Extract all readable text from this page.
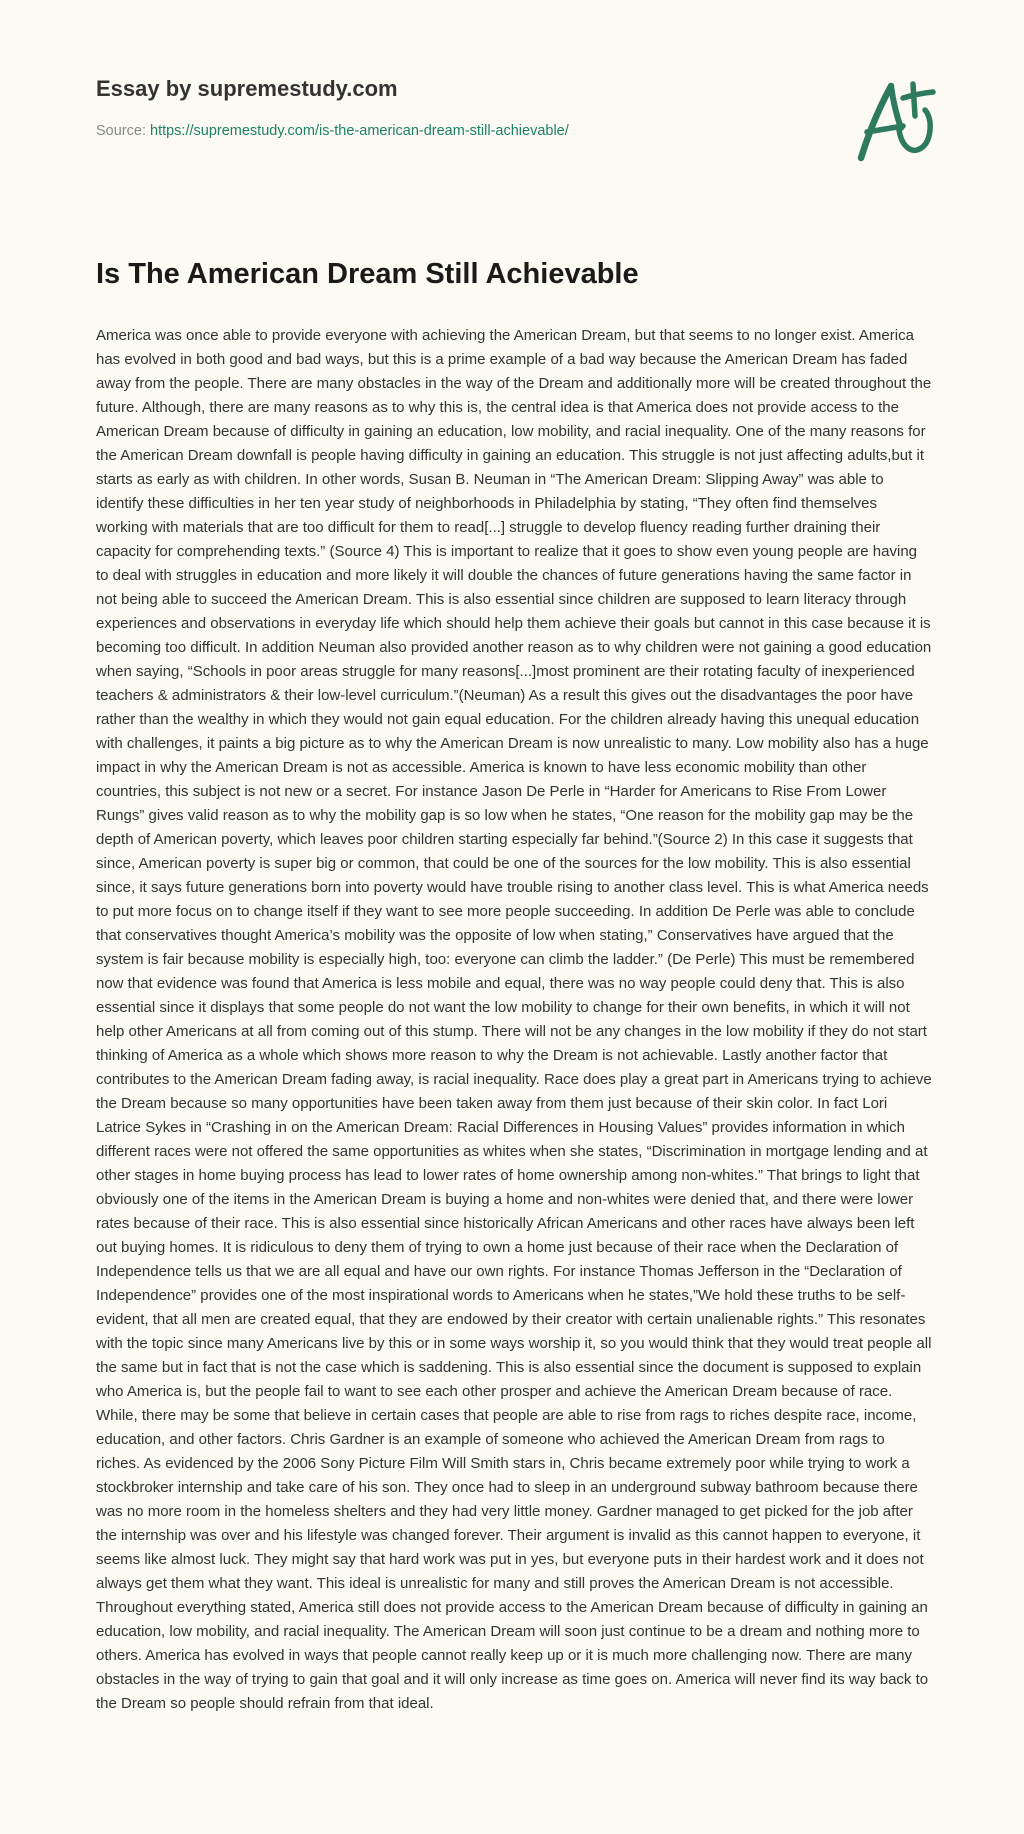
Essay by supremestudy.com
Source: https://supremestudy.com/is-the-american-dream-still-achievable/
Is The American Dream Still Achievable

America was once able to provide everyone with achieving the American Dream, but that seems to no longer exist. America has evolved in both good and bad ways, but this is a prime example of a bad way because the American Dream has faded away from the people. There are many obstacles in the way of the Dream and additionally more will be created throughout the future. Although, there are many reasons as to why this is, the central idea is that America does not provide access to the American Dream because of difficulty in gaining an education, low mobility, and racial inequality. One of the many reasons for the American Dream downfall is people having difficulty in gaining an education. This struggle is not just affecting adults,but it starts as early as with children. In other words, Susan B. Neuman in “The American Dream: Slipping Away” was able to identify these difficulties in her ten year study of neighborhoods in Philadelphia by stating, “They often find themselves working with materials that are too difficult for them to read[...] struggle to develop fluency reading further draining their capacity for comprehending texts.” (Source 4) This is important to realize that it goes to show even young people are having to deal with struggles in education and more likely it will double the chances of future generations having the same factor in not being able to succeed the American Dream. This is also essential since children are supposed to learn literacy through experiences and observations in everyday life which should help them achieve their goals but cannot in this case because it is becoming too difficult. In addition Neuman also provided another reason as to why children were not gaining a good education when saying, “Schools in poor areas struggle for many reasons[...]most prominent are their rotating faculty of inexperienced teachers & administrators & their low-level curriculum.”(Neuman) As a result this gives out the disadvantages the poor have rather than the wealthy in which they would not gain equal education. For the children already having this unequal education with challenges, it paints a big picture as to why the American Dream is now unrealistic to many. Low mobility also has a huge impact in why the American Dream is not as accessible. America is known to have less economic mobility than other countries, this subject is not new or a secret. For instance Jason De Perle in “Harder for Americans to Rise From Lower Rungs” gives valid reason as to why the mobility gap is so low when he states, “One reason for the mobility gap may be the depth of American poverty, which leaves poor children starting especially far behind.”(Source 2) In this case it suggests that since, American poverty is super big or common, that could be one of the sources for the low mobility. This is also essential since, it says future generations born into poverty would have trouble rising to another class level. This is what America needs to put more focus on to change itself if they want to see more people succeeding. In addition De Perle was able to conclude that conservatives thought America’s mobility was the opposite of low when stating,” Conservatives have argued that the system is fair because mobility is especially high, too: everyone can climb the ladder.” (De Perle) This must be remembered now that evidence was found that America is less mobile and equal, there was no way people could deny that. This is also essential since it displays that some people do not want the low mobility to change for their own benefits, in which it will not help other Americans at all from coming out of this stump. There will not be any changes in the low mobility if they do not start thinking of America as a whole which shows more reason to why the Dream is not achievable. Lastly another factor that contributes to the American Dream fading away, is racial inequality. Race does play a great part in Americans trying to achieve the Dream because so many opportunities have been taken away from them just because of their skin color. In fact Lori Latrice Sykes in “Crashing in on the American Dream: Racial Differences in Housing Values” provides information in which different races were not offered the same opportunities as whites when she states, “Discrimination in mortgage lending and at other stages in home buying process has lead to lower rates of home ownership among non-whites.” That brings to light that obviously one of the items in the American Dream is buying a home and non-whites were denied that, and there were lower rates because of their race. This is also essential since historically African Americans and other races have always been left out buying homes. It is ridiculous to deny them of trying to own a home just because of their race when the Declaration of Independence tells us that we are all equal and have our own rights. For instance Thomas Jefferson in the “Declaration of Independence” provides one of the most inspirational words to Americans when he states,”We hold these truths to be self-evident, that all men are created equal, that they are endowed by their creator with certain unalienable rights.” This resonates with the topic since many Americans live by this or in some ways worship it, so you would think that they would treat people all the same but in fact that is not the case which is saddening. This is also essential since the document is supposed to explain who America is, but the people fail to want to see each other prosper and achieve the American Dream because of race. While, there may be some that believe in certain cases that people are able to rise from rags to riches despite race, income, education, and other factors. Chris Gardner is an example of someone who achieved the American Dream from rags to riches. As evidenced by the 2006 Sony Picture Film Will Smith stars in, Chris became extremely poor while trying to work a stockbroker internship and take care of his son. They once had to sleep in an underground subway bathroom because there was no more room in the homeless shelters and they had very little money. Gardner managed to get picked for the job after the internship was over and his lifestyle was changed forever. Their argument is invalid as this cannot happen to everyone, it seems like almost luck. They might say that hard work was put in yes, but everyone puts in their hardest work and it does not always get them what they want. This ideal is unrealistic for many and still proves the American Dream is not accessible. Throughout everything stated, America still does not provide access to the American Dream because of difficulty in gaining an education, low mobility, and racial inequality. The American Dream will soon just continue to be a dream and nothing more to others. America has evolved in ways that people cannot really keep up or it is much more challenging now. There are many obstacles in the way of trying to gain that goal and it will only increase as time goes on. America will never find its way back to the Dream so people should refrain from that ideal.
